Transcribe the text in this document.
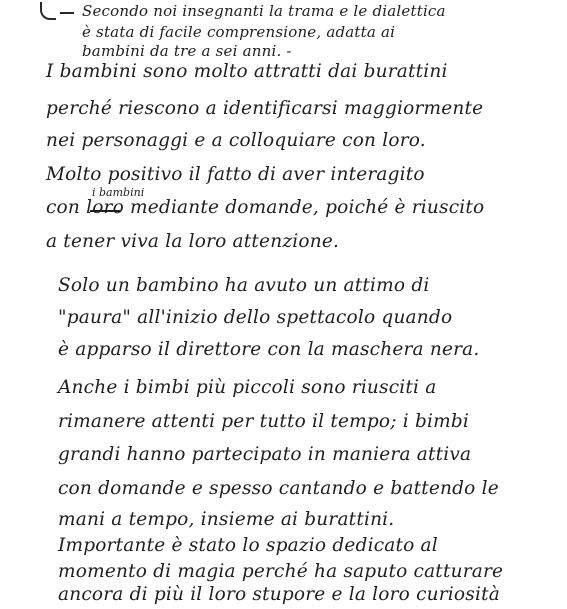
Secondo noi insegnanti la trama e le dialettica
è stata di facile comprensione, adatta ai
bambini da tre a sei anni. -
I bambini sono molto attratti dai burattini
perché riescono a identificarsi maggiormente
nei personaggi e a colloquiare con loro.
Molto positivo il fatto di aver interagito
i bambini
con loro mediante domande, poiché è riuscito
a tener viva la loro attenzione.
Solo un bambino ha avuto un attimo di
"paura" all'inizio dello spettacolo quando
è apparso il direttore con la maschera nera.
Anche i bimbi più piccoli sono riusciti a
rimanere attenti per tutto il tempo; i bimbi
grandi hanno partecipato in maniera attiva
con domande e spesso cantando e battendo le
mani a tempo, insieme ai burattini.
Importante è stato lo spazio dedicato al
momento di magia perché ha saputo catturare
ancora di più il loro stupore e la loro curiosità
